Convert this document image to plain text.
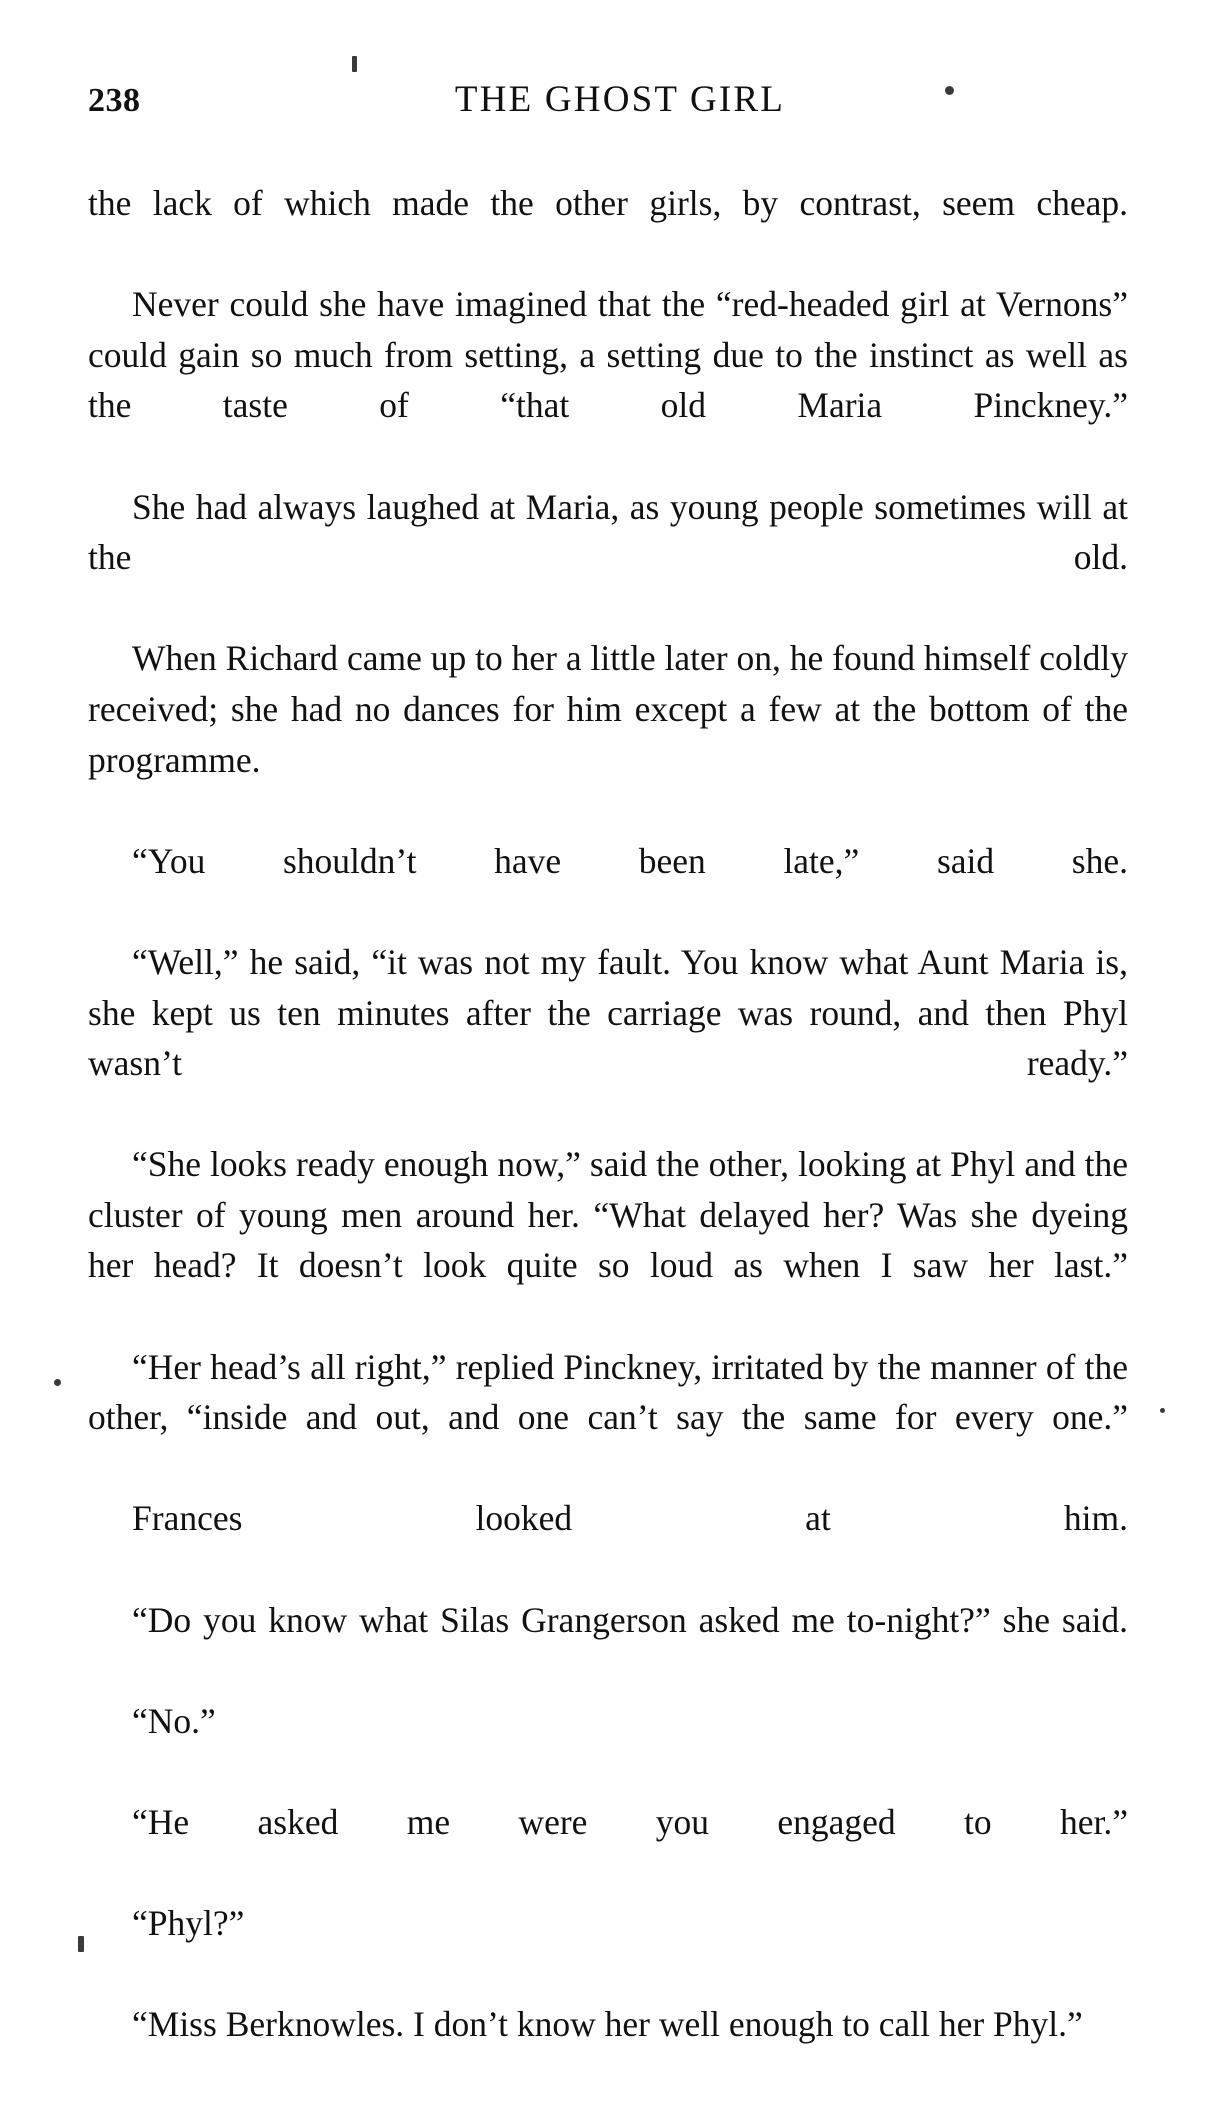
238	THE GHOST GIRL

the lack of which made the other girls, by contrast, seem cheap.

Never could she have imagined that the “red-headed girl at Vernons” could gain so much from setting, a setting due to the instinct as well as the taste of “that old Maria Pinckney.”

She had always laughed at Maria, as young people sometimes will at the old.

When Richard came up to her a little later on, he found himself coldly received; she had no dances for him except a few at the bottom of the programme.

“You shouldn’t have been late,” said she.

“Well,” he said, “it was not my fault. You know what Aunt Maria is, she kept us ten minutes after the carriage was round, and then Phyl wasn’t ready.”

“She looks ready enough now,” said the other, looking at Phyl and the cluster of young men around her. “What delayed her? Was she dyeing her head? It doesn’t look quite so loud as when I saw her last.”

“Her head’s all right,” replied Pinckney, irritated by the manner of the other, “inside and out, and one can’t say the same for every one.”

Frances looked at him.

“Do you know what Silas Grangerson asked me to-night?” she said.

“No.”

“He asked me were you engaged to her.”

“Phyl?”

“Miss Berknowles. I don’t know her well enough to call her Phyl.”
